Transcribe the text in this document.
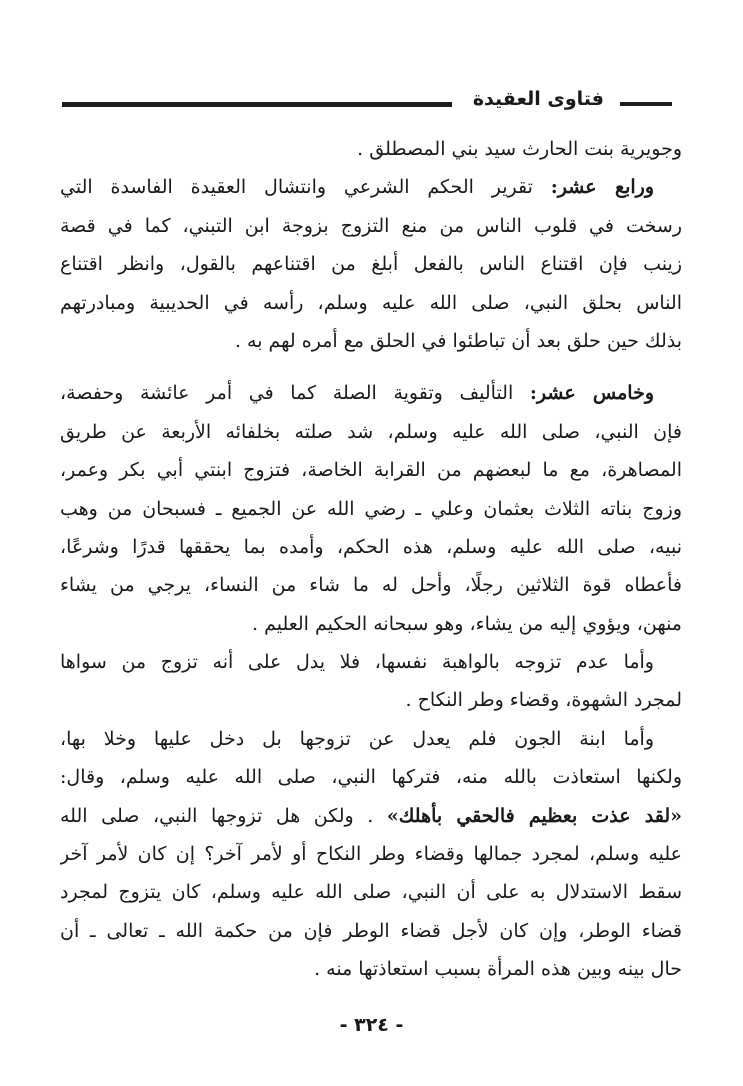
فتاوى العقيدة
وجويرية بنت الحارث سيد بني المصطلق .
ورابع عشر: تقرير الحكم الشرعي وانتشال العقيدة الفاسدة التي
رسخت في قلوب الناس من منع التزوج بزوجة ابن التبني، كما في قصة
زينب فإن اقتناع الناس بالفعل أبلغ من اقتناعهم بالقول، وانظر اقتناع
الناس بحلق النبي، صلى الله عليه وسلم، رأسه في الحديبية ومبادرتهم
بذلك حين حلق بعد أن تباطئوا في الحلق مع أمره لهم به .
وخامس عشر: التأليف وتقوية الصلة كما في أمر عائشة وحفصة،
فإن النبي، صلى الله عليه وسلم، شد صلته بخلفائه الأربعة عن طريق
المصاهرة، مع ما لبعضهم من القرابة الخاصة، فتزوج ابنتي أبي بكر وعمر،
وزوج بناته الثلاث بعثمان وعلي ـ رضي الله عن الجميع ـ فسبحان من وهب
نبيه، صلى الله عليه وسلم، هذه الحكم، وأمده بما يحققها قدرًا وشرعًا،
فأعطاه قوة الثلاثين رجلًا، وأحل له ما شاء من النساء، يرجي من يشاء
منهن، ويؤوي إليه من يشاء، وهو سبحانه الحكيم العليم .
وأما عدم تزوجه بالواهبة نفسها، فلا يدل على أنه تزوج من سواها
لمجرد الشهوة، وقضاء وطر النكاح .
وأما ابنة الجون فلم يعدل عن تزوجها بل دخل عليها وخلا بها،
ولكنها استعاذت بالله منه، فتركها النبي، صلى الله عليه وسلم، وقال:
«لقد عذت بعظيم فالحقي بأهلك» . ولكن هل تزوجها النبي، صلى الله
عليه وسلم، لمجرد جمالها وقضاء وطر النكاح أو لأمر آخر؟ إن كان لأمر آخر
سقط الاستدلال به على أن النبي، صلى الله عليه وسلم، كان يتزوج لمجرد
قضاء الوطر، وإن كان لأجل قضاء الوطر فإن من حكمة الله ـ تعالى ـ أن
حال بينه وبين هذه المرأة بسبب استعاذتها منه .
- ٣٢٤ -
